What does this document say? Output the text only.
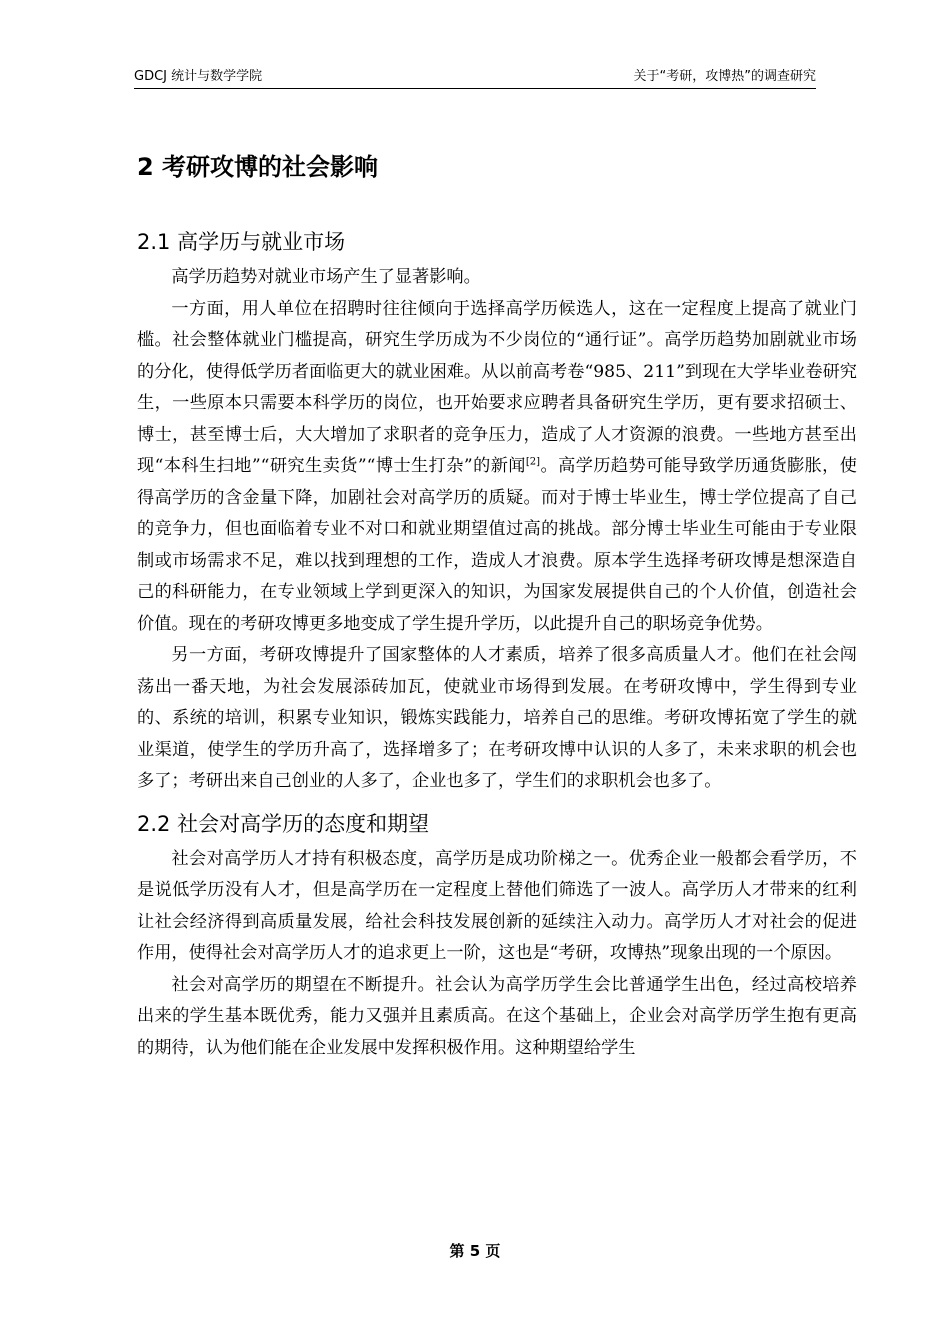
GDCJ 统计与数学学院	关于“考研，攻博热”的调查研究
2 考研攻博的社会影响
2.1 高学历与就业市场

高学历趋势对就业市场产生了显著影响。

一方面，用人单位在招聘时往往倾向于选择高学历候选人，这在一定程度上提高了就业门槛。社会整体就业门槛提高，研究生学历成为不少岗位的“通行证”。高学历趋势加剧就业市场的分化，使得低学历者面临更大的就业困难。从以前高考卷“985、211”到现在大学毕业卷研究生，一些原本只需要本科学历的岗位，也开始要求应聘者具备研究生学历，更有要求招硕士、博士，甚至博士后，大大增加了求职者的竞争压力，造成了人才资源的浪费。一些地方甚至出现“本科生扫地”“研究生卖货”“博士生打杂”的新闻[2]。高学历趋势可能导致学历通货膨胀，使得高学历的含金量下降，加剧社会对高学历的质疑。而对于博士毕业生，博士学位提高了自己的竞争力，但也面临着专业不对口和就业期望值过高的挑战。部分博士毕业生可能由于专业限制或市场需求不足，难以找到理想的工作，造成人才浪费。原本学生选择考研攻博是想深造自己的科研能力，在专业领域上学到更深入的知识，为国家发展提供自己的个人价值，创造社会价值。现在的考研攻博更多地变成了学生提升学历，以此提升自己的职场竞争优势。

另一方面，考研攻博提升了国家整体的人才素质，培养了很多高质量人才。他们在社会闯荡出一番天地，为社会发展添砖加瓦，使就业市场得到发展。在考研攻博中，学生得到专业的、系统的培训，积累专业知识，锻炼实践能力，培养自己的思维。考研攻博拓宽了学生的就业渠道，使学生的学历升高了，选择增多了；在考研攻博中认识的人多了，未来求职的机会也多了；考研出来自己创业的人多了，企业也多了，学生们的求职机会也多了。

2.2 社会对高学历的态度和期望

社会对高学历人才持有积极态度，高学历是成功阶梯之一。优秀企业一般都会看学历，不是说低学历没有人才，但是高学历在一定程度上替他们筛选了一波人。高学历人才带来的红利让社会经济得到高质量发展，给社会科技发展创新的延续注入动力。高学历人才对社会的促进作用，使得社会对高学历人才的追求更上一阶，这也是“考研，攻博热”现象出现的一个原因。

社会对高学历的期望在不断提升。社会认为高学历学生会比普通学生出色，经过高校培养出来的学生基本既优秀，能力又强并且素质高。在这个基础上，企业会对高学历学生抱有更高的期待，认为他们能在企业发展中发挥积极作用。这种期望给学生

第 5 页
